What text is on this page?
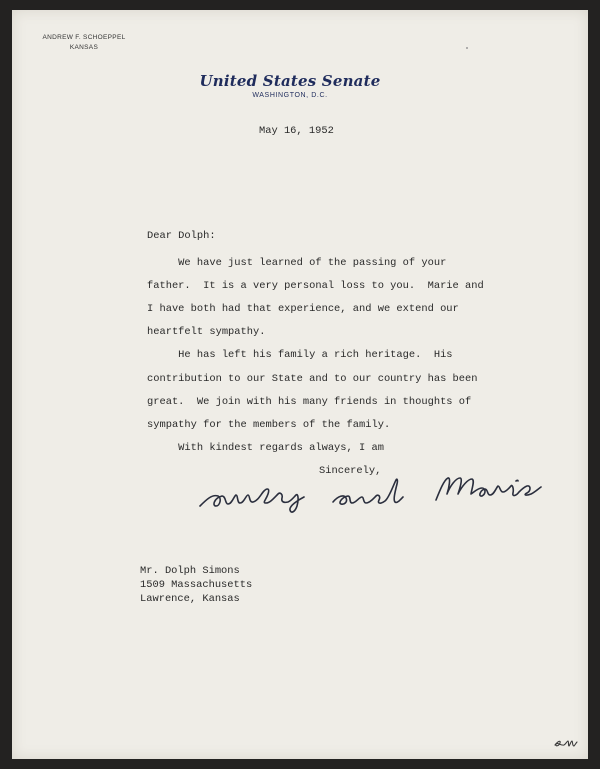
ANDREW F. SCHOEPPEL
KANSAS
United States Senate
WASHINGTON, D.C.
May 16, 1952
Dear Dolph:
We have just learned of the passing of your
father.  It is a very personal loss to you.  Marie and
I have both had that experience, and we extend our
heartfelt sympathy.
He has left his family a rich heritage.  His
contribution to our State and to our country has been
great.  We join with his many friends in thoughts of
sympathy for the members of the family.
With kindest regards always, I am
Sincerely,
Mr. Dolph Simons
1509 Massachusetts
Lawrence, Kansas
